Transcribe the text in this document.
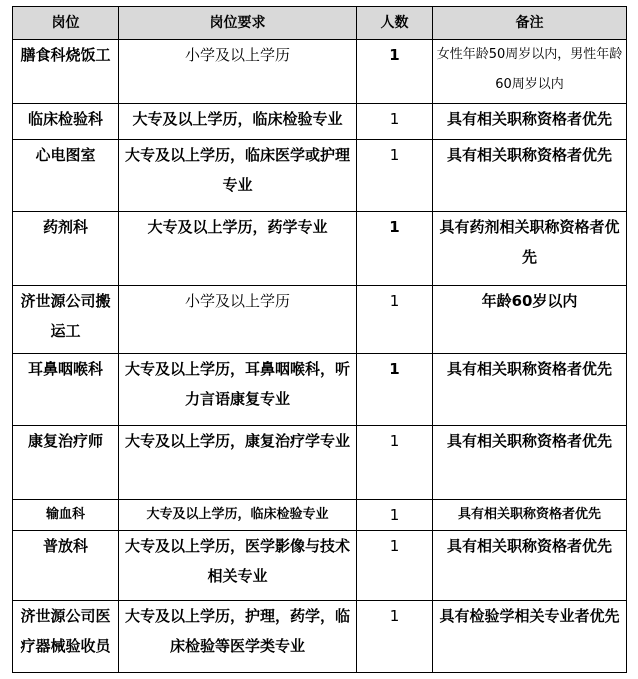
岗位	岗位要求	人数	备注
膳食科烧饭工	小学及以上学历	1	女性年龄50周岁以内，男性年龄60周岁以内
临床检验科	大专及以上学历，临床检验专业	1	具有相关职称资格者优先
心电图室	大专及以上学历，临床医学或护理专业	1	具有相关职称资格者优先
药剂科	大专及以上学历，药学专业	1	具有药剂相关职称资格者优先
济世源公司搬运工	小学及以上学历	1	年龄60岁以内
耳鼻咽喉科	大专及以上学历，耳鼻咽喉科，听力言语康复专业	1	具有相关职称资格者优先
康复治疗师	大专及以上学历，康复治疗学专业	1	具有相关职称资格者优先
输血科	大专及以上学历，临床检验专业	1	具有相关职称资格者优先
普放科	大专及以上学历，医学影像与技术相关专业	1	具有相关职称资格者优先
济世源公司医疗器械验收员	大专及以上学历，护理，药学，临床检验等医学类专业	1	具有检验学相关专业者优先
